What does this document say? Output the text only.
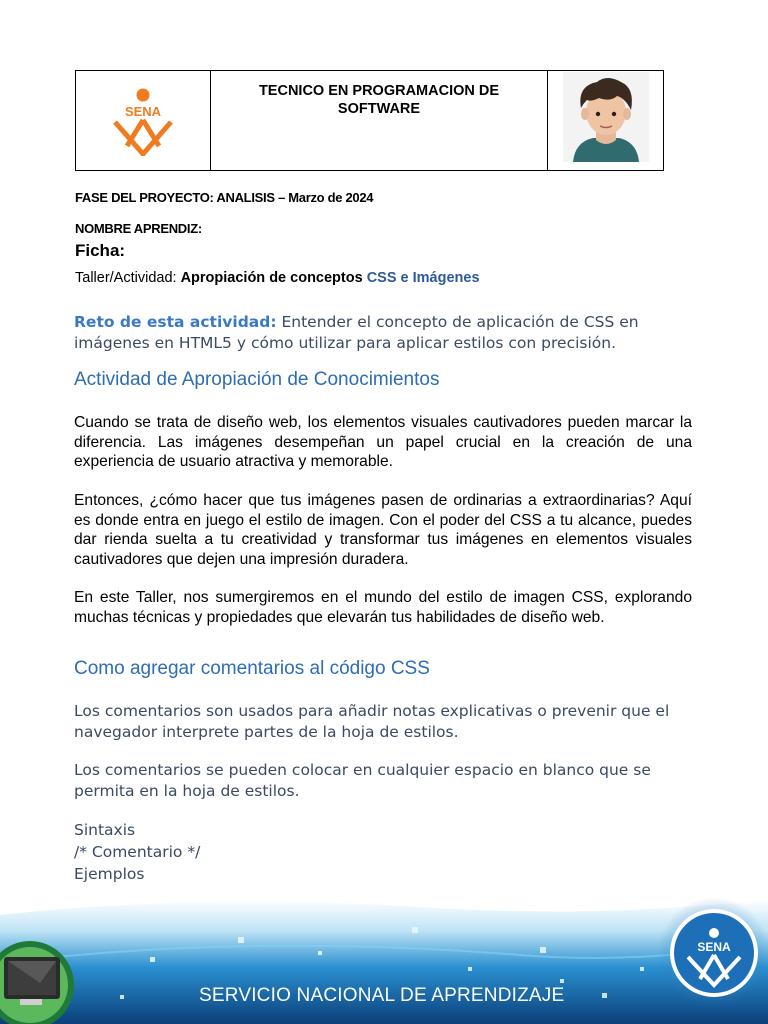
SENA
TECNICO EN PROGRAMACION DE SOFTWARE
FASE DEL PROYECTO: ANALISIS – Marzo de 2024
NOMBRE APRENDIZ:
Ficha:
Taller/Actividad: Apropiación de conceptos CSS e Imágenes
Reto de esta actividad: Entender el concepto de aplicación de CSS en imágenes en HTML5 y cómo utilizar para aplicar estilos con precisión.
Actividad de Apropiación de Conocimientos
Cuando se trata de diseño web, los elementos visuales cautivadores pueden marcar la diferencia. Las imágenes desempeñan un papel crucial en la creación de una experiencia de usuario atractiva y memorable.
Entonces, ¿cómo hacer que tus imágenes pasen de ordinarias a extraordinarias? Aquí es donde entra en juego el estilo de imagen. Con el poder del CSS a tu alcance, puedes dar rienda suelta a tu creatividad y transformar tus imágenes en elementos visuales cautivadores que dejen una impresión duradera.
En este Taller, nos sumergiremos en el mundo del estilo de imagen CSS, explorando muchas técnicas y propiedades que elevarán tus habilidades de diseño web.
Como agregar comentarios al código CSS
Los comentarios son usados para añadir notas explicativas o prevenir que el navegador interprete partes de la hoja de estilos.
Los comentarios se pueden colocar en cualquier espacio en blanco que se permita en la hoja de estilos.
Sintaxis
/* Comentario */
Ejemplos
SENA
SERVICIO NACIONAL DE APRENDIZAJE
